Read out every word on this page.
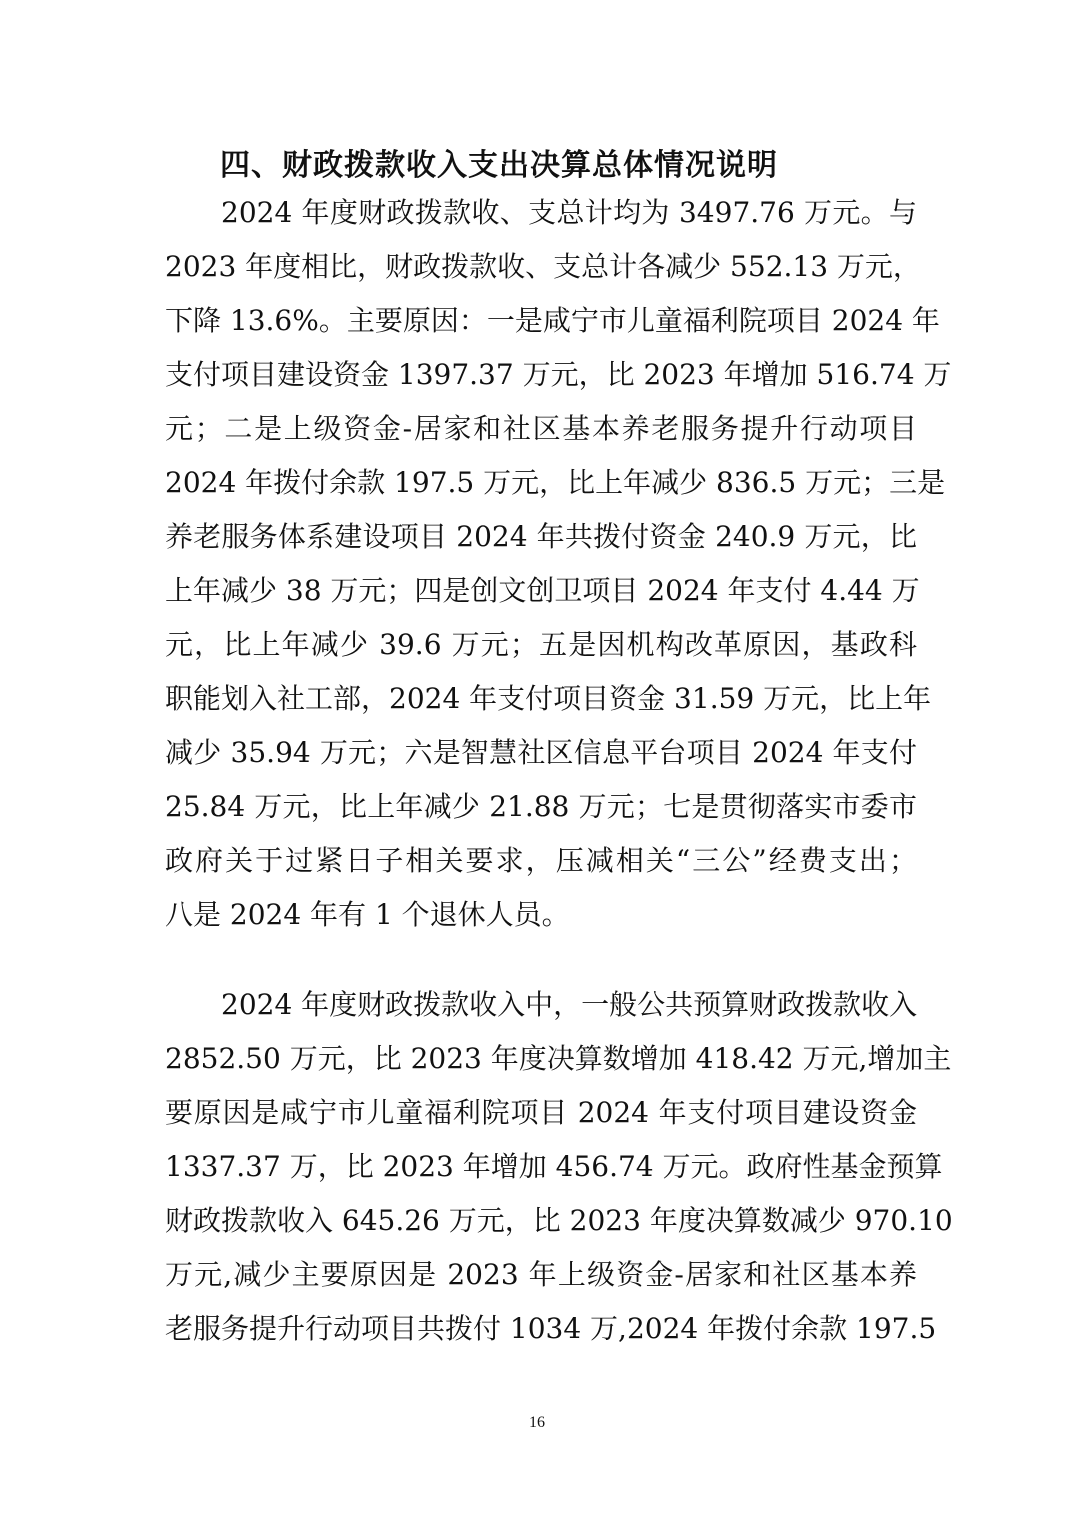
四、财政拨款收入支出决算总体情况说明
2024 年度财政拨款收、支总计均为 3497.76 万元。与
2023 年度相比，财政拨款收、支总计各减少 552.13 万元，
下降 13.6%。主要原因：一是咸宁市儿童福利院项目 2024 年
支付项目建设资金 1397.37 万元，比 2023 年增加 516.74 万
元；二是上级资金-居家和社区基本养老服务提升行动项目
2024 年拨付余款 197.5 万元，比上年减少 836.5 万元；三是
养老服务体系建设项目 2024 年共拨付资金 240.9 万元，比
上年减少 38 万元；四是创文创卫项目 2024 年支付 4.44 万
元，比上年减少 39.6 万元；五是因机构改革原因，基政科
职能划入社工部，2024 年支付项目资金 31.59 万元，比上年
减少 35.94 万元；六是智慧社区信息平台项目 2024 年支付
25.84 万元，比上年减少 21.88 万元；七是贯彻落实市委市
政府关于过紧日子相关要求，压减相关“三公”经费支出；
八是 2024 年有 1 个退休人员。
2024 年度财政拨款收入中，一般公共预算财政拨款收入
2852.50 万元，比 2023 年度决算数增加 418.42 万元,增加主
要原因是咸宁市儿童福利院项目 2024 年支付项目建设资金
1337.37 万，比 2023 年增加 456.74 万元。政府性基金预算
财政拨款收入 645.26 万元，比 2023 年度决算数减少 970.10
万元,减少主要原因是 2023 年上级资金-居家和社区基本养
老服务提升行动项目共拨付 1034 万,2024 年拨付余款 197.5
16
